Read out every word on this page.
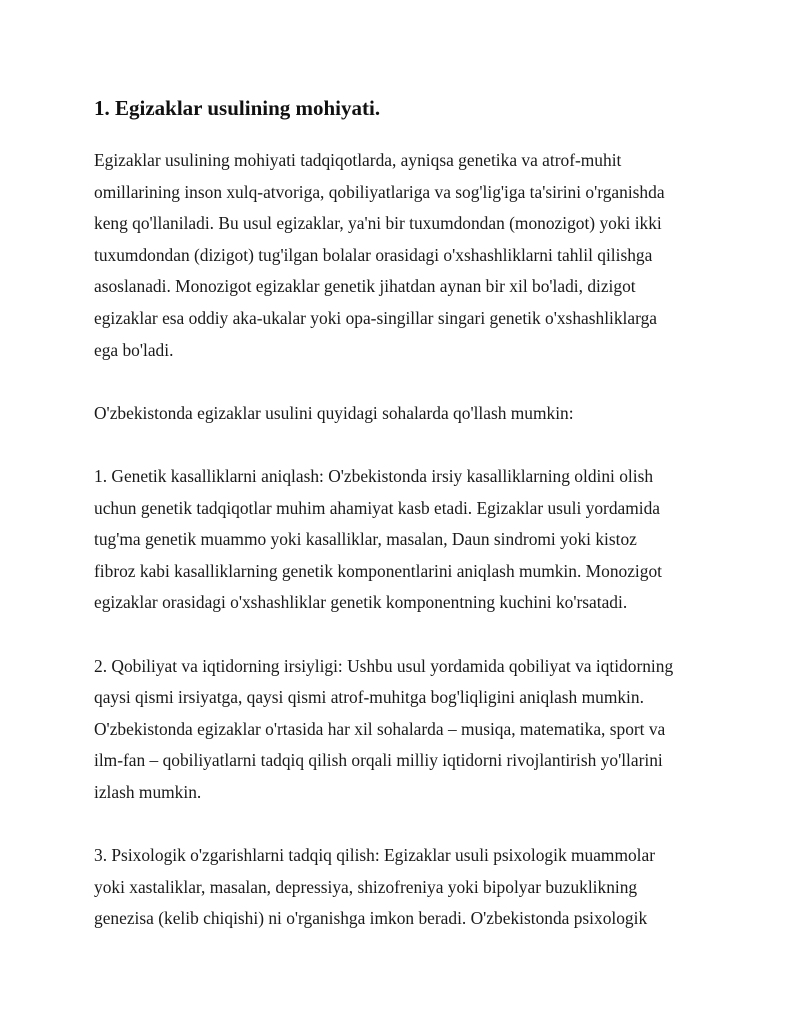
1. Egizaklar usulining mohiyati.

Egizaklar usulining mohiyati tadqiqotlarda, ayniqsa genetika va atrof-muhit
omillarining inson xulq-atvoriga, qobiliyatlariga va sog'lig'iga ta'sirini o'rganishda
keng qo'llaniladi. Bu usul egizaklar, ya'ni bir tuxumdondan (monozigot) yoki ikki
tuxumdondan (dizigot) tug'ilgan bolalar orasidagi o'xshashliklarni tahlil qilishga
asoslanadi. Monozigot egizaklar genetik jihatdan aynan bir xil bo'ladi, dizigot
egizaklar esa oddiy aka-ukalar yoki opa-singillar singari genetik o'xshashliklarga
ega bo'ladi.

O'zbekistonda egizaklar usulini quyidagi sohalarda qo'llash mumkin:

1. Genetik kasalliklarni aniqlash: O'zbekistonda irsiy kasalliklarning oldini olish
uchun genetik tadqiqotlar muhim ahamiyat kasb etadi. Egizaklar usuli yordamida
tug'ma genetik muammo yoki kasalliklar, masalan, Daun sindromi yoki kistoz
fibroz kabi kasalliklarning genetik komponentlarini aniqlash mumkin. Monozigot
egizaklar orasidagi o'xshashliklar genetik komponentning kuchini ko'rsatadi.

2. Qobiliyat va iqtidorning irsiyligi: Ushbu usul yordamida qobiliyat va iqtidorning
qaysi qismi irsiyatga, qaysi qismi atrof-muhitga bog'liqligini aniqlash mumkin.
O'zbekistonda egizaklar o'rtasida har xil sohalarda – musiqa, matematika, sport va
ilm-fan – qobiliyatlarni tadqiq qilish orqali milliy iqtidorni rivojlantirish yo'llarini
izlash mumkin.

3. Psixologik o'zgarishlarni tadqiq qilish: Egizaklar usuli psixologik muammolar
yoki xastaliklar, masalan, depressiya, shizofreniya yoki bipolyar buzuklikning
genezisa (kelib chiqishi) ni o'rganishga imkon beradi. O'zbekistonda psixologik
